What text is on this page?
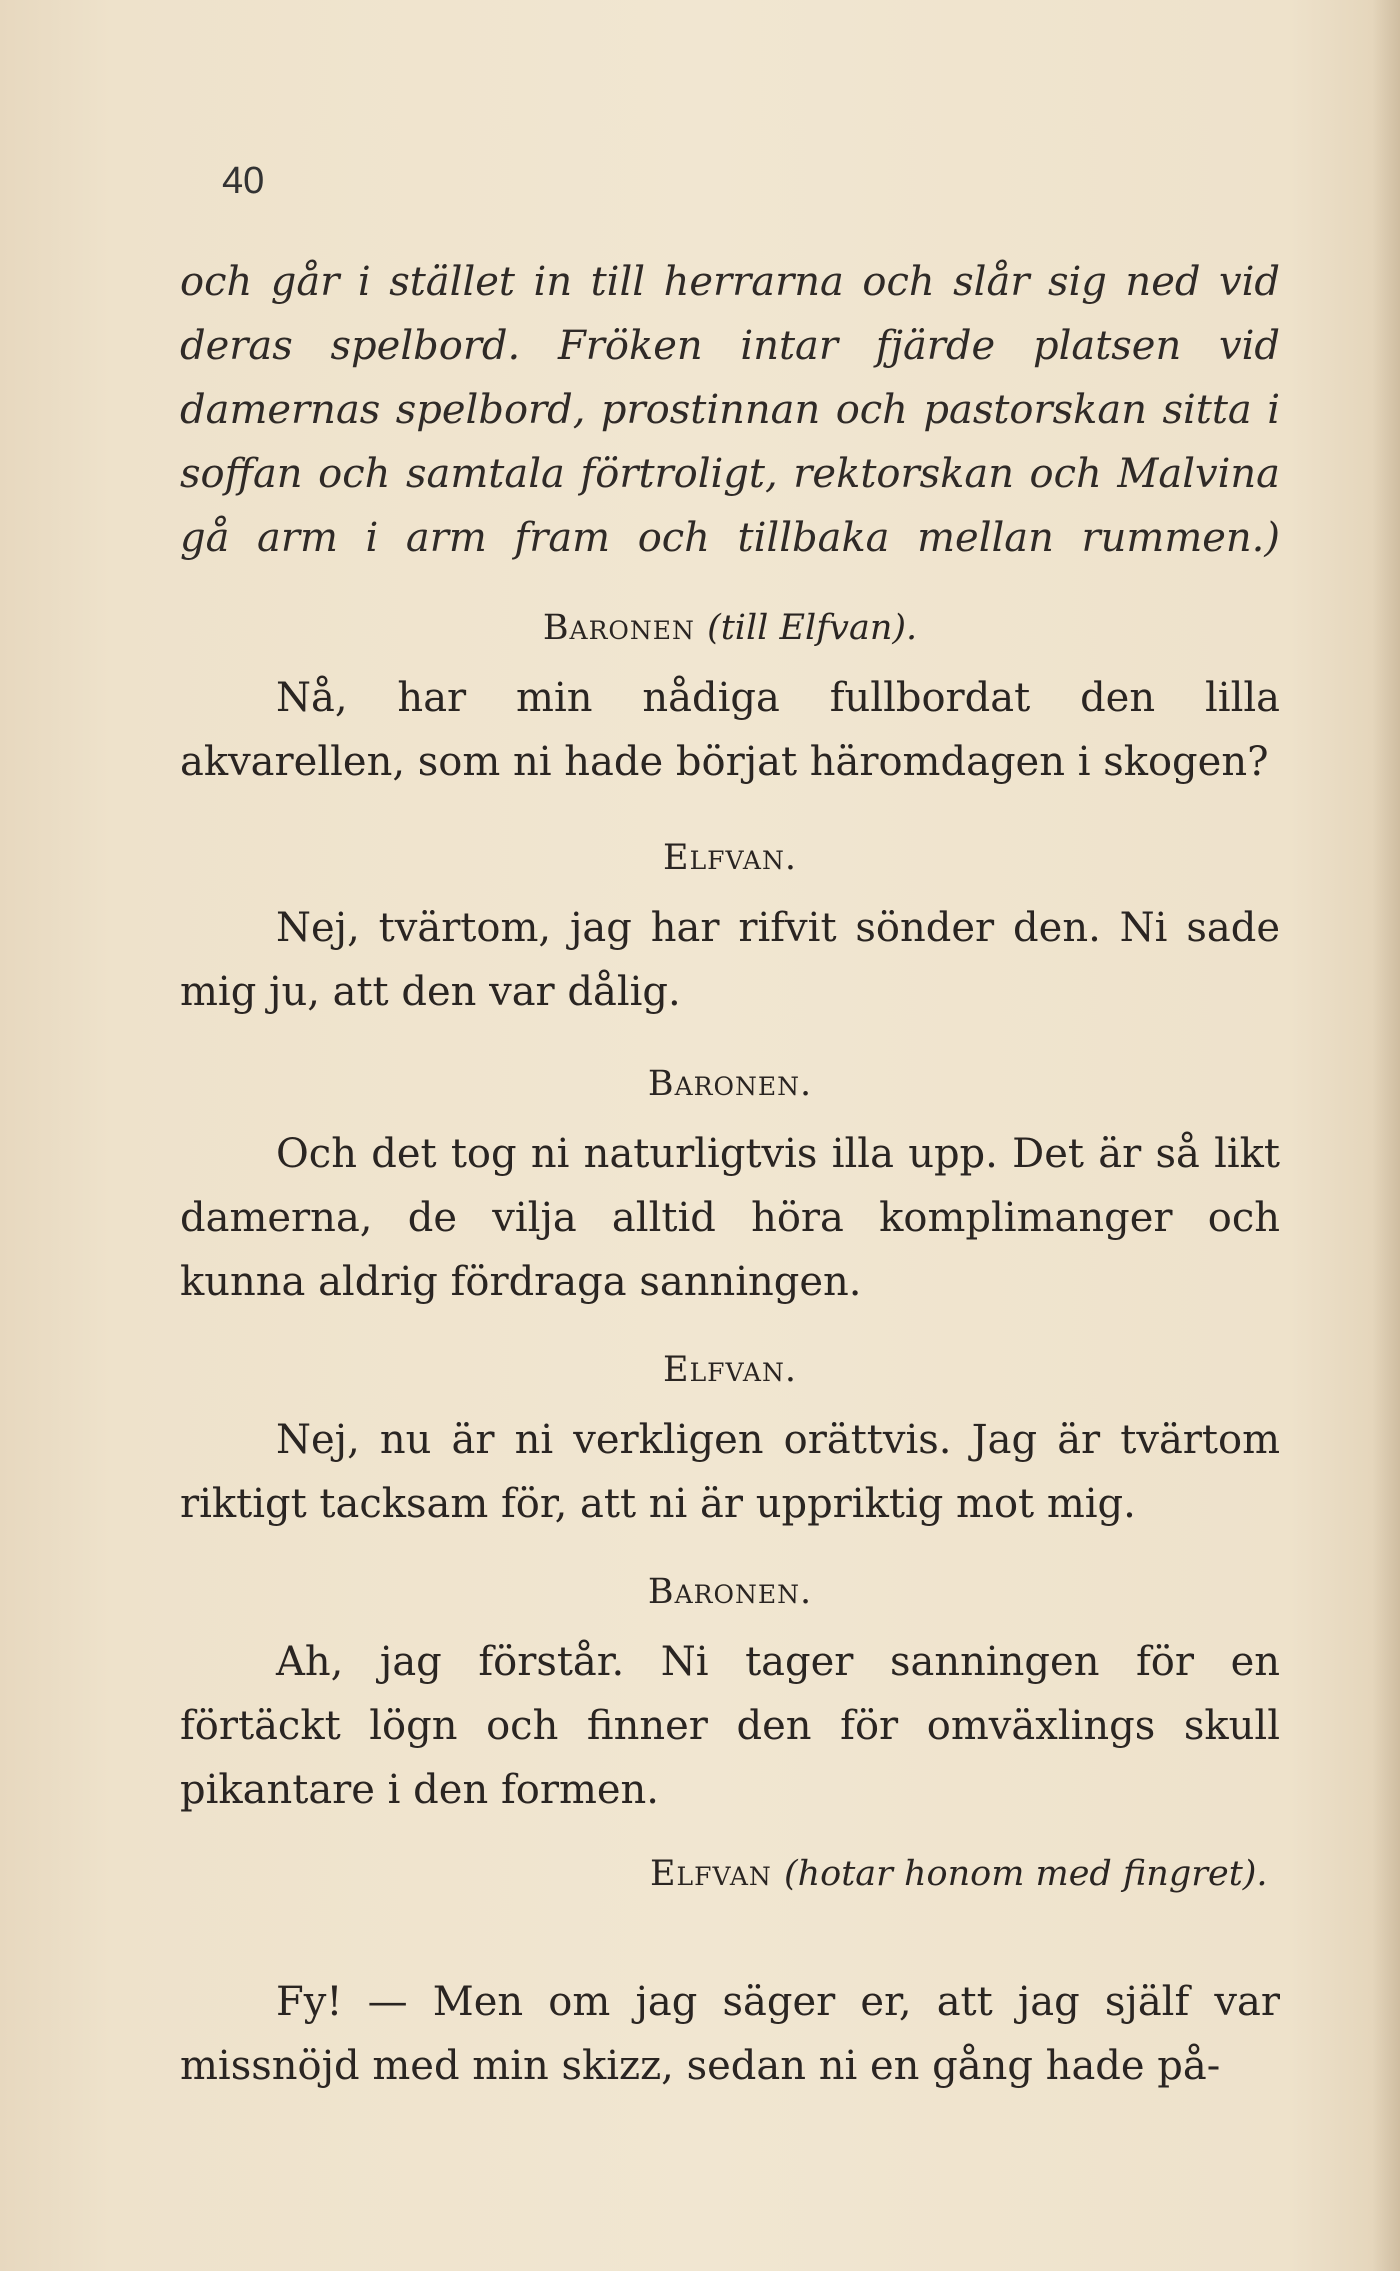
40
och går i stället in till herrarna och slår sig ned vid deras spelbord. Fröken intar fjärde platsen vid damernas spelbord, prostinnan och pastorskan sitta i soffan och samtala förtroligt, rektorskan och Malvina gå arm i arm fram och tillbaka mellan rummen.)
Baronen (till Elfvan).
Nå, har min nådiga fullbordat den lilla akvarellen, som ni hade börjat häromdagen i skogen?
Elfvan.
Nej, tvärtom, jag har rifvit sönder den. Ni sade mig ju, att den var dålig.
Baronen.
Och det tog ni naturligtvis illa upp. Det är så likt damerna, de vilja alltid höra komplimanger och kunna aldrig fördraga sanningen.
Elfvan.
Nej, nu är ni verkligen orättvis. Jag är tvärtom riktigt tacksam för, att ni är uppriktig mot mig.
Baronen.
Ah, jag förstår. Ni tager sanningen för en förtäckt lögn och finner den för omväxlings skull pikantare i den formen.
Elfvan (hotar honom med fingret).
Fy! — Men om jag säger er, att jag själf var missnöjd med min skizz, sedan ni en gång hade på-
